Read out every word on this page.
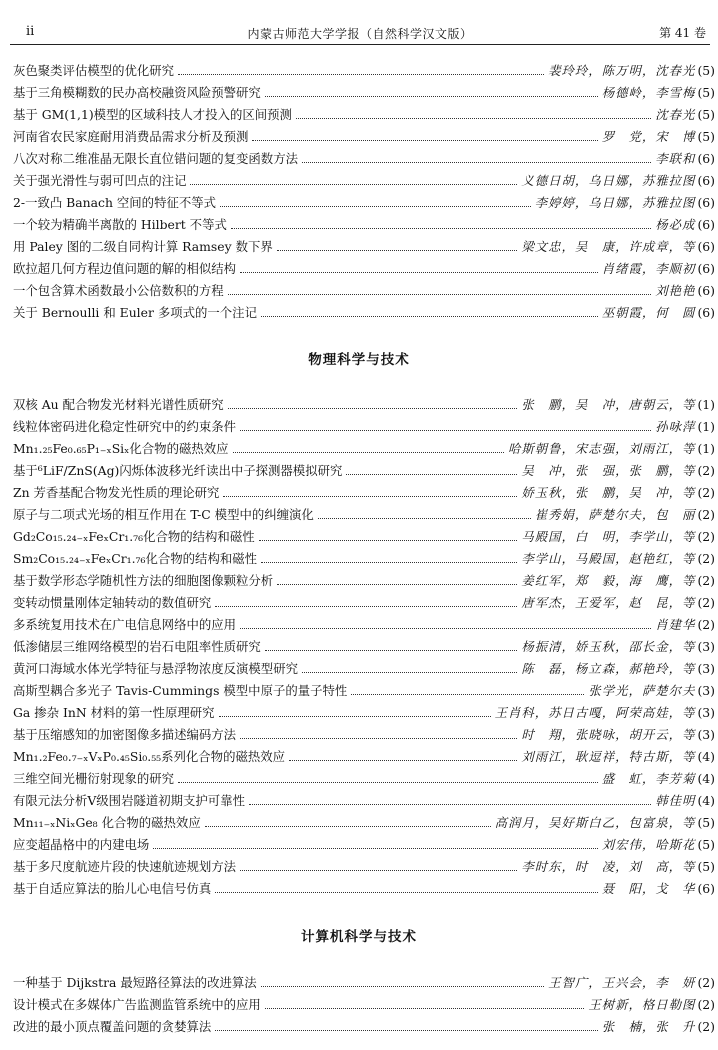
ii	内蒙古师范大学学报（自然科学汉文版）	第 41 卷
灰色聚类评估模型的优化研究	裴玲玲，陈万明，沈春光 (5)
基于三角模糊数的民办高校融资风险预警研究	杨德岭，李雪梅 (5)
基于 GM(1,1)模型的区域科技人才投入的区间预测	沈春光 (5)
河南省农民家庭耐用消费品需求分析及预测	罗　党，宋　博 (5)
八次对称二维准晶无限长直位错问题的复变函数方法	李联和 (6)
关于强光滑性与弱可凹点的注记	义德日胡，乌日娜，苏雅拉图 (6)
2-一致凸 Banach 空间的特征不等式	李婷婷，乌日娜，苏雅拉图 (6)
一个较为精确半离散的 Hilbert 不等式	杨必成 (6)
用 Paley 图的二级自同构计算 Ramsey 数下界	梁文忠，吴　康，许成章，等 (6)
欧拉超几何方程边值问题的解的相似结构	肖绪霞，李顺初 (6)
一个包含算术函数最小公倍数积的方程	刘艳艳 (6)
关于 Bernoulli 和 Euler 多项式的一个注记	巫朝霞，何　圆 (6)
物理科学与技术
双核 Au 配合物发光材料光谱性质研究	张　鹏，吴　冲，唐朝云，等 (1)
线粒体密码进化稳定性研究中的约束条件	孙咏萍 (1)
Mn₁.₂₅Fe₀.₆₅P₁₋ₓSiₓ化合物的磁热效应	哈斯朝鲁，宋志强，刘雨江，等 (1)
基于⁶LiF/ZnS(Ag)闪烁体波移光纤读出中子探测器模拟研究	吴　冲，张　强，张　鹏，等 (2)
Zn 芳香基配合物发光性质的理论研究	娇玉秋，张　鹏，吴　冲，等 (2)
原子与二项式光场的相互作用在 T-C 模型中的纠缠演化	崔秀娟，萨楚尔夫，包　丽 (2)
Gd₂Co₁₅.₂₄₋ₓFeₓCr₁.₇₆化合物的结构和磁性	马殿国，白　明，李学山，等 (2)
Sm₂Co₁₅.₂₄₋ₓFeₓCr₁.₇₆化合物的结构和磁性	李学山，马殿国，赵艳红，等 (2)
基于数学形态学随机性方法的细胞图像颗粒分析	姜红军，郑　毅，海　鹰，等 (2)
变转动惯量刚体定轴转动的数值研究	唐军杰，王爱军，赵　昆，等 (2)
多系统复用技术在广电信息网络中的应用	肖建华 (2)
低渗储层三维网络模型的岩石电阻率性质研究	杨振清，娇玉秋，邵长金，等 (3)
黄河口海域水体光学特征与悬浮物浓度反演模型研究	陈　磊，杨立森，郝艳玲，等 (3)
高斯型耦合多光子 Tavis-Cummings 模型中原子的量子特性	张学光，萨楚尔夫 (3)
Ga 掺杂 InN 材料的第一性原理研究	王肖科，苏日古嘎，阿荣高娃，等 (3)
基于压缩感知的加密图像多描述编码方法	时　翔，张晓咏，胡开云，等 (3)
Mn₁.₂Fe₀.₇₋ₓVₓP₀.₄₅Si₀.₅₅系列化合物的磁热效应	刘雨江，耿逗祥，特古斯，等 (4)
三维空间光栅衍射现象的研究	盛　虹，李芳菊 (4)
有限元法分析Ⅴ级围岩隧道初期支护可靠性	韩佳明 (4)
Mn₁₁₋ₓNiₓGe₈ 化合物的磁热效应	高润月，吴好斯白乙，包富泉，等 (5)
应变超晶格中的内建电场	刘宏伟，哈斯花 (5)
基于多尺度航迹片段的快速航迹规划方法	李时东，时　凌，刘　高，等 (5)
基于自适应算法的胎儿心电信号仿真	聂　阳，戈　华 (6)
计算机科学与技术
一种基于 Dijkstra 最短路径算法的改进算法	王智广，王兴会，李　妍 (2)
设计模式在多媒体广告监测监管系统中的应用	王树新，格日勒图 (2)
改进的最小顶点覆盖问题的贪婪算法	张　楠，张　升 (2)
